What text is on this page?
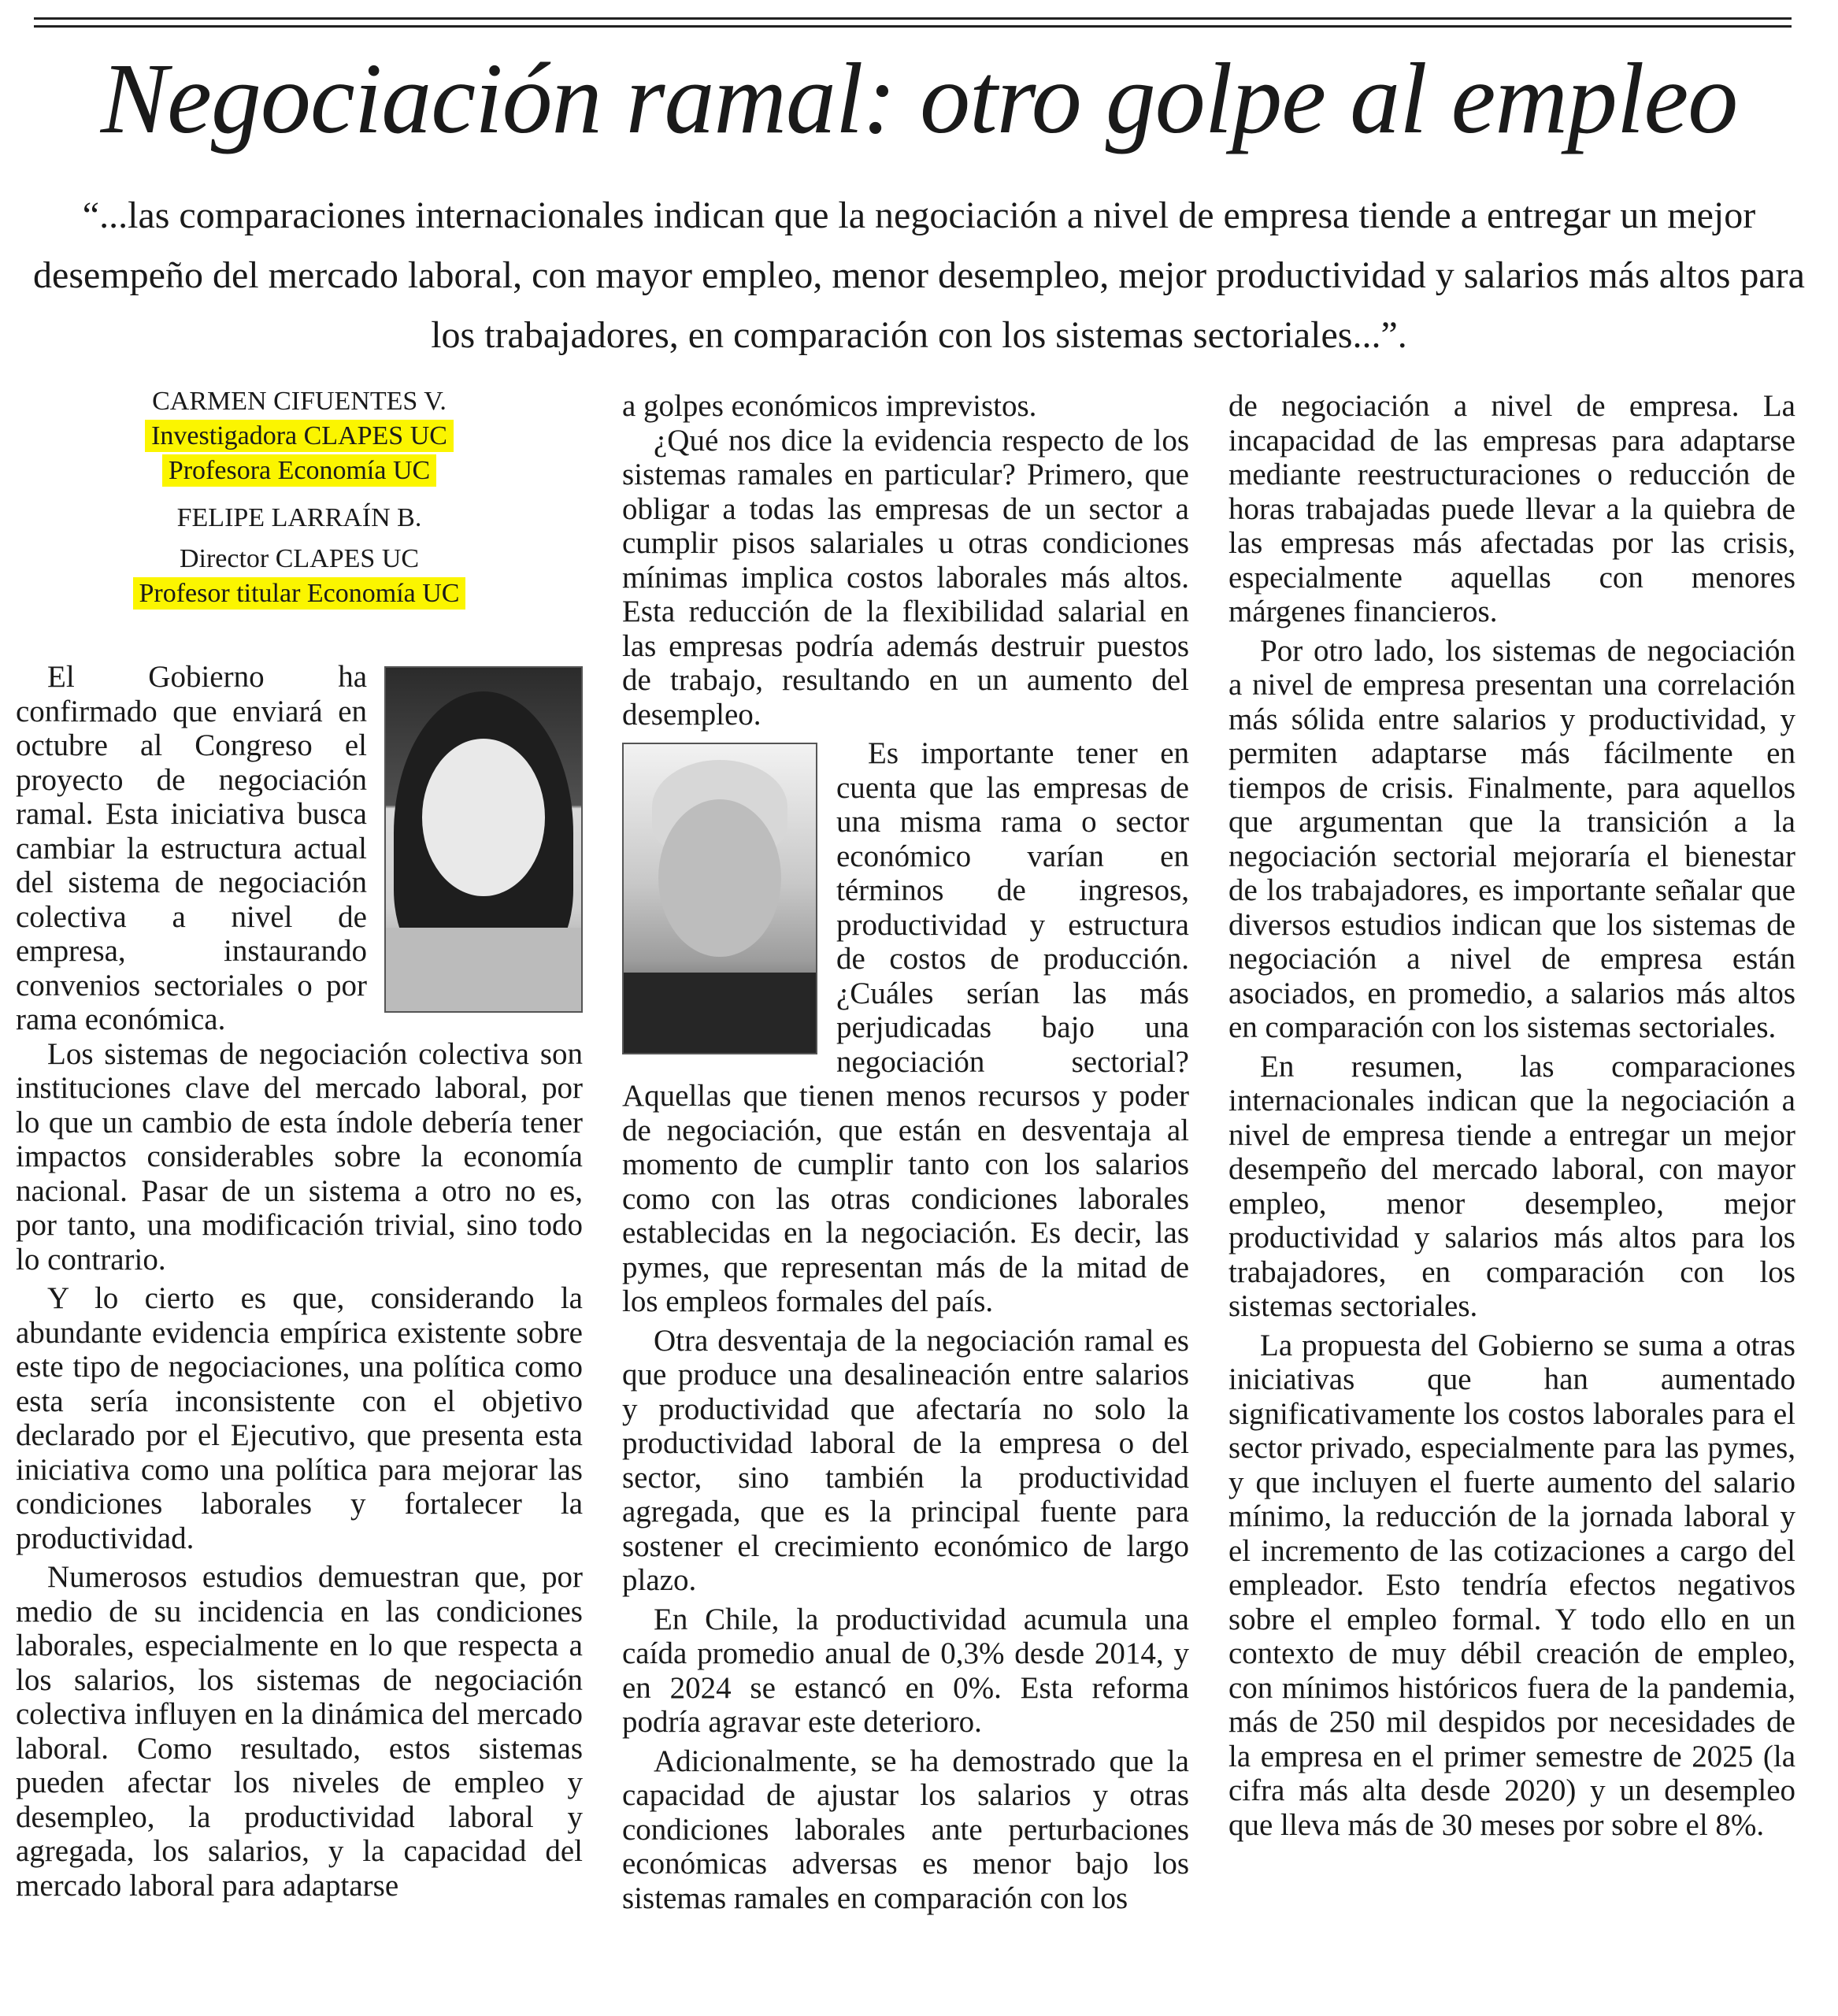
Negociación ramal: otro golpe al empleo
“...las comparaciones internacionales indican que la negociación a nivel de empresa tiende a entregar un mejor desempeño del mercado laboral, con mayor empleo, menor desempleo, mejor productividad y salarios más altos para los trabajadores, en comparación con los sistemas sectoriales...”.
CARMEN CIFUENTES V.
Investigadora CLAPES UC
Profesora Economía UC
FELIPE LARRAÍN B.
Director CLAPES UC
Profesor titular Economía UC

El Gobierno ha confirmado que enviará en octubre al Congreso el proyecto de negociación ramal. Esta iniciativa busca cambiar la estructura actual del sistema de negociación colectiva a nivel de empresa, instaurando convenios sectoriales o por rama económica.

Los sistemas de negociación colectiva son instituciones clave del mercado laboral, por lo que un cambio de esta índole debería tener impactos considerables sobre la economía nacional. Pasar de un sistema a otro no es, por tanto, una modificación trivial, sino todo lo contrario.

Y lo cierto es que, considerando la abundante evidencia empírica existente sobre este tipo de negociaciones, una política como esta sería inconsistente con el objetivo declarado por el Ejecutivo, que presenta esta iniciativa como una política para mejorar las condiciones laborales y fortalecer la productividad.

Numerosos estudios demuestran que, por medio de su incidencia en las condiciones laborales, especialmente en lo que respecta a los salarios, los sistemas de negociación colectiva influyen en la dinámica del mercado laboral. Como resultado, estos sistemas pueden afectar los niveles de empleo y desempleo, la productividad laboral y agregada, los salarios, y la capacidad del mercado laboral para adaptarse

a golpes económicos imprevistos.

¿Qué nos dice la evidencia respecto de los sistemas ramales en particular? Primero, que obligar a todas las empresas de un sector a cumplir pisos salariales u otras condiciones mínimas implica costos laborales más altos. Esta reducción de la flexibilidad salarial en las empresas podría además destruir puestos de trabajo, resultando en un aumento del desempleo.

Es importante tener en cuenta que las empresas de una misma rama o sector económico varían en términos de ingresos, productividad y estructura de costos de producción. ¿Cuáles serían las más perjudicadas bajo una negociación sectorial? Aquellas que tienen menos recursos y poder de negociación, que están en desventaja al momento de cumplir tanto con los salarios como con las otras condiciones laborales establecidas en la negociación. Es decir, las pymes, que representan más de la mitad de los empleos formales del país.

Otra desventaja de la negociación ramal es que produce una desalineación entre salarios y productividad que afectaría no solo la productividad laboral de la empresa o del sector, sino también la productividad agregada, que es la principal fuente para sostener el crecimiento económico de largo plazo.

En Chile, la productividad acumula una caída promedio anual de 0,3% desde 2014, y en 2024 se estancó en 0%. Esta reforma podría agravar este deterioro.

Adicionalmente, se ha demostrado que la capacidad de ajustar los salarios y otras condiciones laborales ante perturbaciones económicas adversas es menor bajo los sistemas ramales en comparación con los

de negociación a nivel de empresa. La incapacidad de las empresas para adaptarse mediante reestructuraciones o reducción de horas trabajadas puede llevar a la quiebra de las empresas más afectadas por las crisis, especialmente aquellas con menores márgenes financieros.

Por otro lado, los sistemas de negociación a nivel de empresa presentan una correlación más sólida entre salarios y productividad, y permiten adaptarse más fácilmente en tiempos de crisis. Finalmente, para aquellos que argumentan que la transición a la negociación sectorial mejoraría el bienestar de los trabajadores, es importante señalar que diversos estudios indican que los sistemas de negociación a nivel de empresa están asociados, en promedio, a salarios más altos en comparación con los sistemas sectoriales.

En resumen, las comparaciones internacionales indican que la negociación a nivel de empresa tiende a entregar un mejor desempeño del mercado laboral, con mayor empleo, menor desempleo, mejor productividad y salarios más altos para los trabajadores, en comparación con los sistemas sectoriales.

La propuesta del Gobierno se suma a otras iniciativas que han aumentado significativamente los costos laborales para el sector privado, especialmente para las pymes, y que incluyen el fuerte aumento del salario mínimo, la reducción de la jornada laboral y el incremento de las cotizaciones a cargo del empleador. Esto tendría efectos negativos sobre el empleo formal. Y todo ello en un contexto de muy débil creación de empleo, con mínimos históricos fuera de la pandemia, más de 250 mil despidos por necesidades de la empresa en el primer semestre de 2025 (la cifra más alta desde 2020) y un desempleo que lleva más de 30 meses por sobre el 8%.
